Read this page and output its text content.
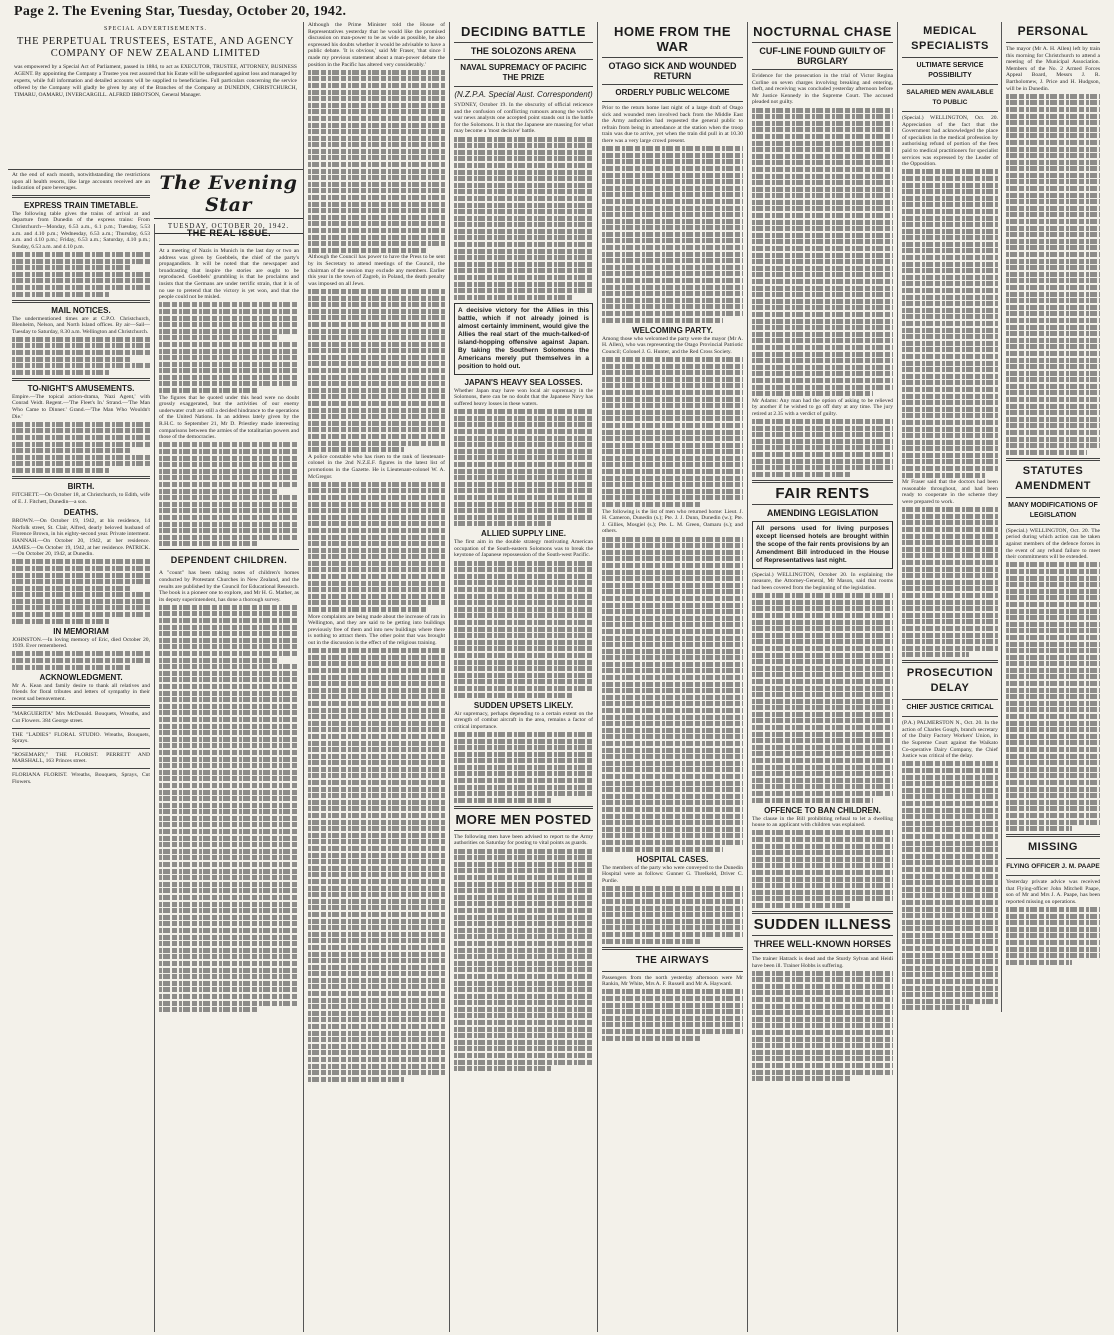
Page 2. The Evening Star, Tuesday, October 20, 1942.
SPECIAL ADVERTISEMENTS.
THE PERPETUAL TRUSTEES, ESTATE, AND AGENCY COMPANY OF NEW ZEALAND LIMITED
was empowered by a Special Act of Parliament, passed in 1884, to act as EXECUTOR, TRUSTEE, ATTORNEY, BUSINESS AGENT. By appointing the Company a Trustee you rest assured that his Estate will be safeguarded against loss and managed by experts, while full information and detailed accounts will be supplied to beneficiaries. Full particulars concerning the service offered by the Company will gladly be given by any of the Branches of the Company at DUNEDIN, CHRISTCHURCH, TIMARU, OAMARU, INVERCARGILL. ALFRED IBBOTSON, General Manager.
The Evening Star
TUESDAY, OCTOBER 20, 1942.

At the end of each month, notwithstanding the restrictions upon all health resorts, like large accounts received are an indication of pure beverages.

EXPRESS TRAIN TIMETABLE.

The following table gives the trains of arrival at and departure from Dunedin of the express trains: From Christchurch—Monday, 6.53 a.m., 6.1 p.m.; Tuesday, 5.53 a.m. and 4.10 p.m.; Wednesday, 6.53 a.m.; Thursday, 6.53 a.m. and 4.10 p.m.; Friday, 6.53 a.m.; Saturday, 4.10 p.m.; Sunday, 6.53 a.m. and 4.10 p.m.

MAIL NOTICES.

The undermentioned times are at C.P.O. Christchurch, Blenheim, Nelson, and North Island offices. By air—Sail—Tuesday to Saturday, 8.30 a.m. Wellington and Christchurch.

TO-NIGHT'S AMUSEMENTS.

Empire.—The topical action-drama, 'Nazi Agent,' with Conrad Veidt. Regent.—'The Fleet's In.' Strand.—'The Man Who Came to Dinner.' Grand.—'The Man Who Wouldn't Die.'

BIRTH.

FITCHETT.—On October 18, at Christchurch, to Edith, wife of E. J. Fitchett, Dunedin—a son.

DEATHS.

BROWN.—On October 19, 1942, at his residence, 14 Norfolk street, St. Clair, Alfred, dearly beloved husband of Florence Brown, in his eighty-second year. Private interment. HANNAH.—On October 20, 1942, at her residence. JAMES.—On October 19, 1942, at her residence. PATRICK.—On October 20, 1942, at Dunedin.

IN MEMORIAM

JOHNSTON.—In loving memory of Eric, died October 20, 1939. Ever remembered.

ACKNOWLEDGMENT.

Mr A. Kean and family desire to thank all relatives and friends for floral tributes and letters of sympathy in their recent sad bereavement.

"MARGUERITA" Mrs McDonald. Bouquets, Wreaths, and Cut Flowers. 384 George street.

THE "LADIES" FLORAL STUDIO. Wreaths, Bouquets, Sprays.

"ROSEMARY," THE FLORIST. PERRETT AND MARSHALL, 163 Princes street.

FLORIANA FLORIST. Wreaths, Bouquets, Sprays, Cut Flowers.

THE REAL ISSUE.

At a meeting of Nazis in Munich in the last day or two an address was given by Goebbels, the chief of the party's propagandists. It will be noted that the newspaper and broadcasting that inspire the stories are ought to be reproduced. Goebbels' grumbling is that he proclaims and insists that the Germans are under terrific strain, that it is of no use to pretend that the victory is yet won, and that the people could not be misled.

The figures that he quoted under this head were no doubt grossly exaggerated, but the activities of our enemy underwater craft are still a decided hindrance to the operations of the United Nations. In an address lately given by the R.H.C. to September 21, Mr D. Priestley made interesting comparisons between the armies of the totalitarian powers and those of the democracies.

DEPENDENT CHILDREN.

A "count" has been taking notes of children's homes conducted by Protestant Churches in New Zealand, and the results are published by the Council for Educational Research. The book is a pioneer one to explore, and Mr H. G. Mather, as its deputy superintendent, has done a thorough survey.

Although the Prime Minister told the House of Representatives yesterday that he would like the promised discussion on man-power to be as wide as possible, he also expressed his doubts whether it would be advisable to have a public debate. 'It is obvious,' said Mr Fraser, 'that since I made my previous statement about a man-power debate the position in the Pacific has altered very considerably.'

Although the Council has power to have the Press to be sent by its Secretary to attend meetings of the Council, the chairman of the session may exclude any members. Earlier this year in the town of Zagreb, in Poland, the death penalty was imposed on all Jews.

A police constable who has risen to the rank of lieutenant-colonel in the 2nd N.Z.E.F. figures in the latest list of promotions in the Gazette. He is Lieutenant-colonel W. A. McGregor.

More complaints are being made about the increase of rats in Wellington, and they are said to be getting into buildings previously free of them and into new buildings where there is nothing to attract them. The other point that was brought out in the discussion is the effect of the religious training.

DECIDING BATTLE
THE SOLOZONS ARENA
NAVAL SUPREMACY OF PACIFIC THE PRIZE
(N.Z.P.A. Special Aust. Correspondent)

SYDNEY, October 19. In the obscurity of official reticence and the confusion of conflicting rumours among the world's war news analysts one accepted point stands out in the battle for the Solomons. It is that the Japanese are massing for what may become a 'most decisive' battle.

A decisive victory for the Allies in this battle, which if not already joined is almost certainly imminent, would give the Allies the real start of the much-talked-of island-hopping offensive against Japan. By taking the Southern Solomons the Americans merely put themselves in a position to hold out.
JAPAN'S HEAVY SEA LOSSES.

Whether Japan may have won local air supremacy in the Solomons, there can be no doubt that the Japanese Navy has suffered heavy losses in these waters.

ALLIED SUPPLY LINE.

The first aim in the double strategy motivating American occupation of the South-eastern Solomons was to break the keystone of Japanese repossession of the South-west Pacific.

SUDDEN UPSETS LIKELY.

Air supremacy, perhaps depending to a certain extent on the strength of combat aircraft in the area, remains a factor of critical importance.

MORE MEN POSTED

The following men have been advised to report to the Army authorities on Saturday for posting to vital points as guards.

HOME FROM THE WAR
OTAGO SICK AND WOUNDED RETURN
ORDERLY PUBLIC WELCOME

Prior to the return home last night of a large draft of Otago sick and wounded men involved back from the Middle East the Army authorities had requested the general public to refrain from being in attendance at the station when the troop train was due to arrive, yet when the train did pull in at 10.30 there was a very large crowd present.

WELCOMING PARTY.

Among those who welcomed the party were the mayor (Mr A. H. Allen), who was representing the Otago Provincial Patriotic Council; Colonel J. G. Hunter, and the Red Cross Society.

The following is the list of men who returned home: Lieut. J. H. Cameron, Dunedin (s.); Pte. J. J. Dunn, Dunedin (w.); Pte. J. Gillies, Mosgiel (s.); Pte. L. M. Green, Oamaru (s.); and others.

HOSPITAL CASES.

The members of the party who were conveyed to the Dunedin Hospital were as follows: Gunner G. Threlkeld, Driver C. Purdie.

THE AIRWAYS

Passengers from the north yesterday afternoon were Mr Rankin, Mr White, Mrs A. F. Russell and Mr A. Hayward.

NOCTURNAL CHASE
CUF-LINE FOUND GUILTY OF BURGLARY

Evidence for the prosecution in the trial of Victor Regina Curline on seven charges involving breaking and entering, theft, and receiving was concluded yesterday afternoon before Mr Justice Kennedy in the Supreme Court. The accused pleaded not guilty.

Mr Adams: Any man had the option of asking to be relieved by another if he wished to go off duty at any time. The jury retired at 2.35 with a verdict of guilty.

FAIR RENTS
AMENDING LEGISLATION
All persons used for living purposes except licensed hotels are brought within the scope of the fair rents provisions by an Amendment Bill introduced in the House of Representatives last night.

(Special.) WELLINGTON, October 20. In explaining the measure, the Attorney-General, Mr Mason, said that rooms had been covered from the beginning of the legislation.

OFFENCE TO BAN CHILDREN.

The clause in the Bill prohibiting refusal to let a dwelling house to an applicant with children was explained.

SUDDEN ILLNESS
THREE WELL-KNOWN HORSES

The trainer Hatrack is dead and the Sturdy Sylvan and Heidi have been ill. Trainer Hobbs is suffering.

MEDICAL SPECIALISTS
ULTIMATE SERVICE POSSIBILITY
SALARIED MEN AVAILABLE TO PUBLIC

(Special.) WELLINGTON, Oct. 20. Appreciation of the fact that the Government had acknowledged the place of specialists in the medical profession by authorising refund of portion of the fees paid to medical practitioners for specialist services was expressed by the Leader of the Opposition.

Mr Fraser said that the doctors had been reasonable throughout, and had been ready to cooperate in the scheme they were prepared to work.

PROSECUTION DELAY
CHIEF JUSTICE CRITICAL

(P.A.) PALMERSTON N., Oct. 20. In the action of Charles Gough, branch secretary of the Dairy Factory Workers' Union, in the Supreme Court against the Waikato Co-operative Dairy Company, the Chief Justice was critical of the delay.

PERSONAL

The mayor (Mr A. H. Allen) left by train this morning for Christchurch to attend a meeting of the Municipal Association. Members of the No. 2 Armed Forces Appeal Board, Messrs J. R. Bartholomew, J. Price and H. Hudgson, will be in Dunedin.

STATUTES AMENDMENT
MANY MODIFICATIONS OF LEGISLATION

(Special.) WELLINGTON, Oct. 20. The period during which action can be taken against members of the defence forces in the event of any refund failure to meet their commitments will be extended.

MISSING
FLYING OFFICER J. M. PAAPE

Yesterday private advice was received that Flying-officer John Mitchell Paape, son of Mr and Mrs J. A. Paape, has been reported missing on operations.
